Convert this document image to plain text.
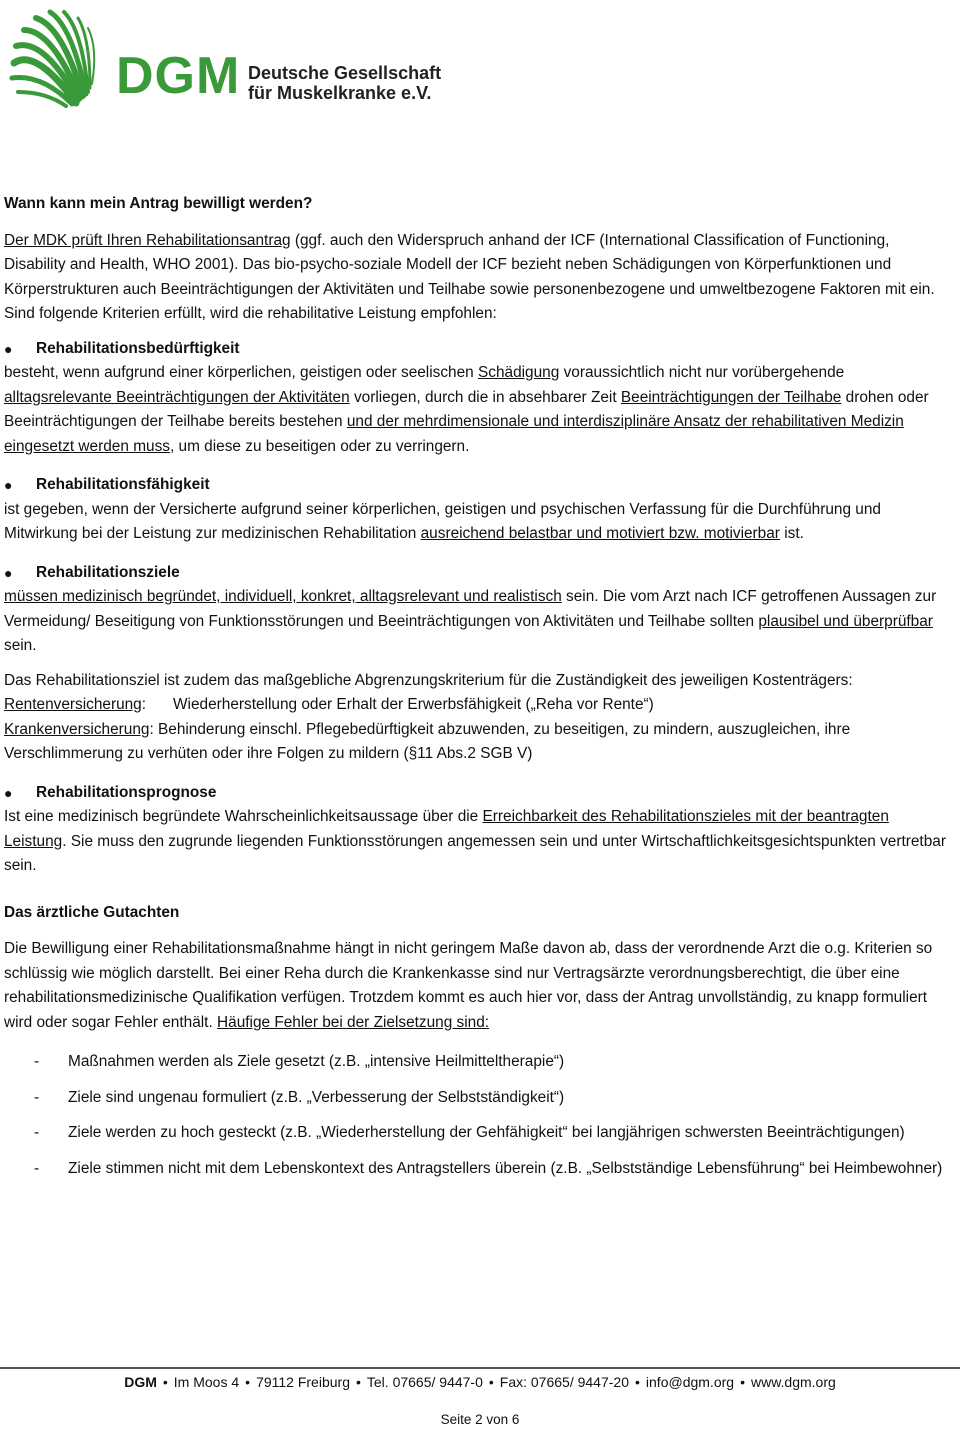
DGM Deutsche Gesellschaft
für Muskelkranke e.V.

Wann kann mein Antrag bewilligt werden?

Der MDK prüft Ihren Rehabilitationsantrag (ggf. auch den Widerspruch anhand der ICF (International Classification of Functioning, Disability and Health, WHO 2001). Das bio-psycho-soziale Modell der ICF bezieht neben Schädigungen von Körperfunktionen und Körperstrukturen auch Beeinträchtigungen der Aktivitäten und Teilhabe sowie personenbezogene und umweltbezogene Faktoren mit ein. Sind folgende Kriterien erfüllt, wird die rehabilitative Leistung empfohlen:

●	Rehabilitationsbedürftigkeit

besteht, wenn aufgrund einer körperlichen, geistigen oder seelischen Schädigung voraussichtlich nicht nur vorübergehende alltagsrelevante Beeinträchtigungen der Aktivitäten vorliegen, durch die in absehbarer Zeit Beeinträchtigungen der Teilhabe drohen oder Beeinträchtigungen der Teilhabe bereits bestehen und der mehrdimensionale und interdisziplinäre Ansatz der rehabilitativen Medizin eingesetzt werden muss, um diese zu beseitigen oder zu verringern.

●	Rehabilitationsfähigkeit

ist gegeben, wenn der Versicherte aufgrund seiner körperlichen, geistigen und psychischen Verfassung für die Durchführung und Mitwirkung bei der Leistung zur medizinischen Rehabilitation ausreichend belastbar und motiviert bzw. motivierbar ist.

●	Rehabilitationsziele

müssen medizinisch begründet, individuell, konkret, alltagsrelevant und realistisch sein. Die vom Arzt nach ICF getroffenen Aussagen zur Vermeidung/ Beseitigung von Funktionsstörungen und Beeinträchtigungen von Aktivitäten und Teilhabe sollten plausibel und überprüfbar sein.

Das Rehabilitationsziel ist zudem das maßgebliche Abgrenzungskriterium für die Zuständigkeit des jeweiligen Kostenträgers:

Rentenversicherung: Wiederherstellung oder Erhalt der Erwerbsfähigkeit („Reha vor Rente“)

Krankenversicherung: Behinderung einschl. Pflegebedürftigkeit abzuwenden, zu beseitigen, zu mindern, auszugleichen, ihre Verschlimmerung zu verhüten oder ihre Folgen zu mildern (§11 Abs.2 SGB V)

●	Rehabilitationsprognose

Ist eine medizinisch begründete Wahrscheinlichkeitsaussage über die Erreichbarkeit des Rehabilitationszieles mit der beantragten Leistung. Sie muss den zugrunde liegenden Funktionsstörungen angemessen sein und unter Wirtschaftlichkeitsgesichtspunkten vertretbar sein.

Das ärztliche Gutachten

Die Bewilligung einer Rehabilitationsmaßnahme hängt in nicht geringem Maße davon ab, dass der verordnende Arzt die o.g. Kriterien so schlüssig wie möglich darstellt. Bei einer Reha durch die Krankenkasse sind nur Vertragsärzte verordnungsberechtigt, die über eine rehabilitationsmedizinische Qualifikation verfügen. Trotzdem kommt es auch hier vor, dass der Antrag unvollständig, zu knapp formuliert wird oder sogar Fehler enthält. Häufige Fehler bei der Zielsetzung sind:

-	Maßnahmen werden als Ziele gesetzt (z.B. „intensive Heilmitteltherapie“)
-	Ziele sind ungenau formuliert (z.B. „Verbesserung der Selbstständigkeit“)
-	Ziele werden zu hoch gesteckt (z.B. „Wiederherstellung der Gehfähigkeit“ bei langjährigen schwersten Beeinträchtigungen)
-	Ziele stimmen nicht mit dem Lebenskontext des Antragstellers überein (z.B. „Selbstständige Lebensführung“ bei Heimbewohner)
DGM • Im Moos 4 • 79112 Freiburg • Tel. 07665/ 9447-0 • Fax: 07665/ 9447-20 • info@dgm.org • www.dgm.org
Seite 2 von 6
